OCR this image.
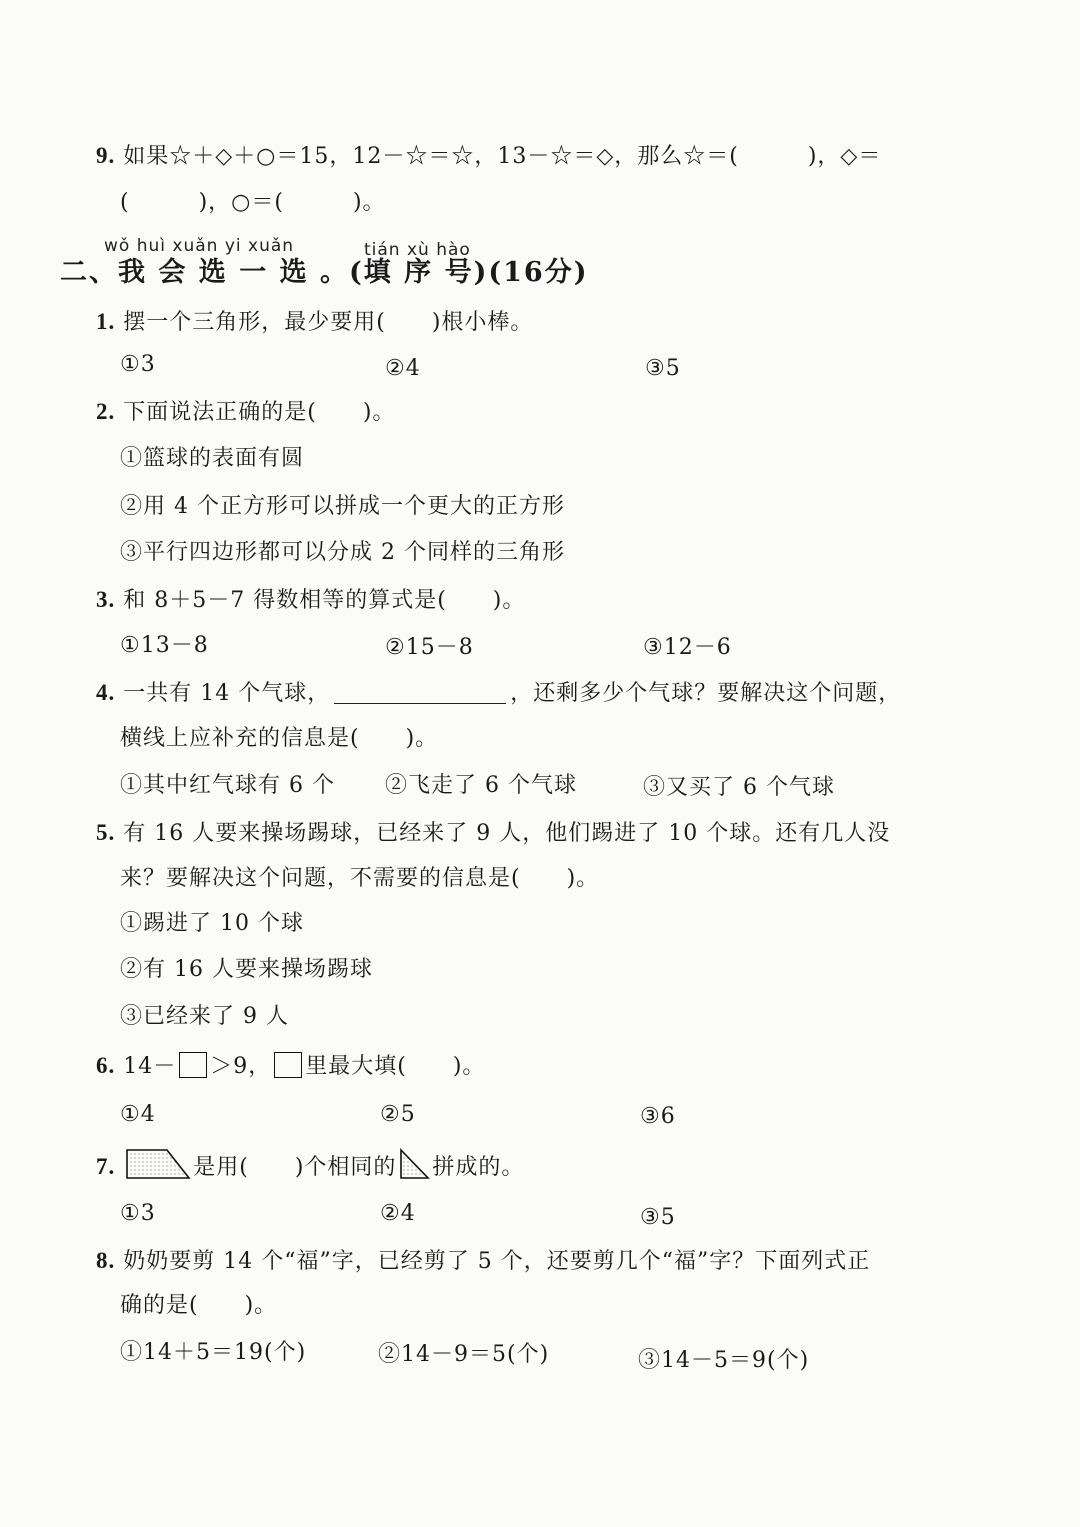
9. 如果☆＋◇＋○＝15，12－☆＝☆，13－☆＝◇，那么☆＝(　　　)，◇＝
(　　　)，○＝(　　　)。
wǒ huì xuǎn yi xuǎn	tián xù hào
二、我 会 选 一 选 。(填 序 号)(16分)
1. 摆一个三角形，最少要用(　　)根小棒。
①3	②4	③5
2. 下面说法正确的是(　　)。
①篮球的表面有圆
②用 4 个正方形可以拼成一个更大的正方形
③平行四边形都可以分成 2 个同样的三角形
3. 和 8＋5－7 得数相等的算式是(　　)。
①13－8	②15－8	③12－6
4. 一共有 14 个气球，	，还剩多少个气球？要解决这个问题，
横线上应补充的信息是(　　)。
①其中红气球有 6 个 ②飞走了 6 个气球	③又买了 6 个气球
5. 有 16 人要来操场踢球，已经来了 9 人，他们踢进了 10 个球。还有几人没
来？要解决这个问题，不需要的信息是(　　)。
①踢进了 10 个球
②有 16 人要来操场踢球
③已经来了 9 人
6. 14－ ＞9， 里最大填(　　)。
①4	②5	③6
7.	是用(　　)个相同的 拼成的。
①3	②4	③5
8. 奶奶要剪 14 个“福”字，已经剪了 5 个，还要剪几个“福”字？下面列式正
确的是(　　)。
①14＋5＝19(个)	②14－9＝5(个)	③14－5＝9(个)
